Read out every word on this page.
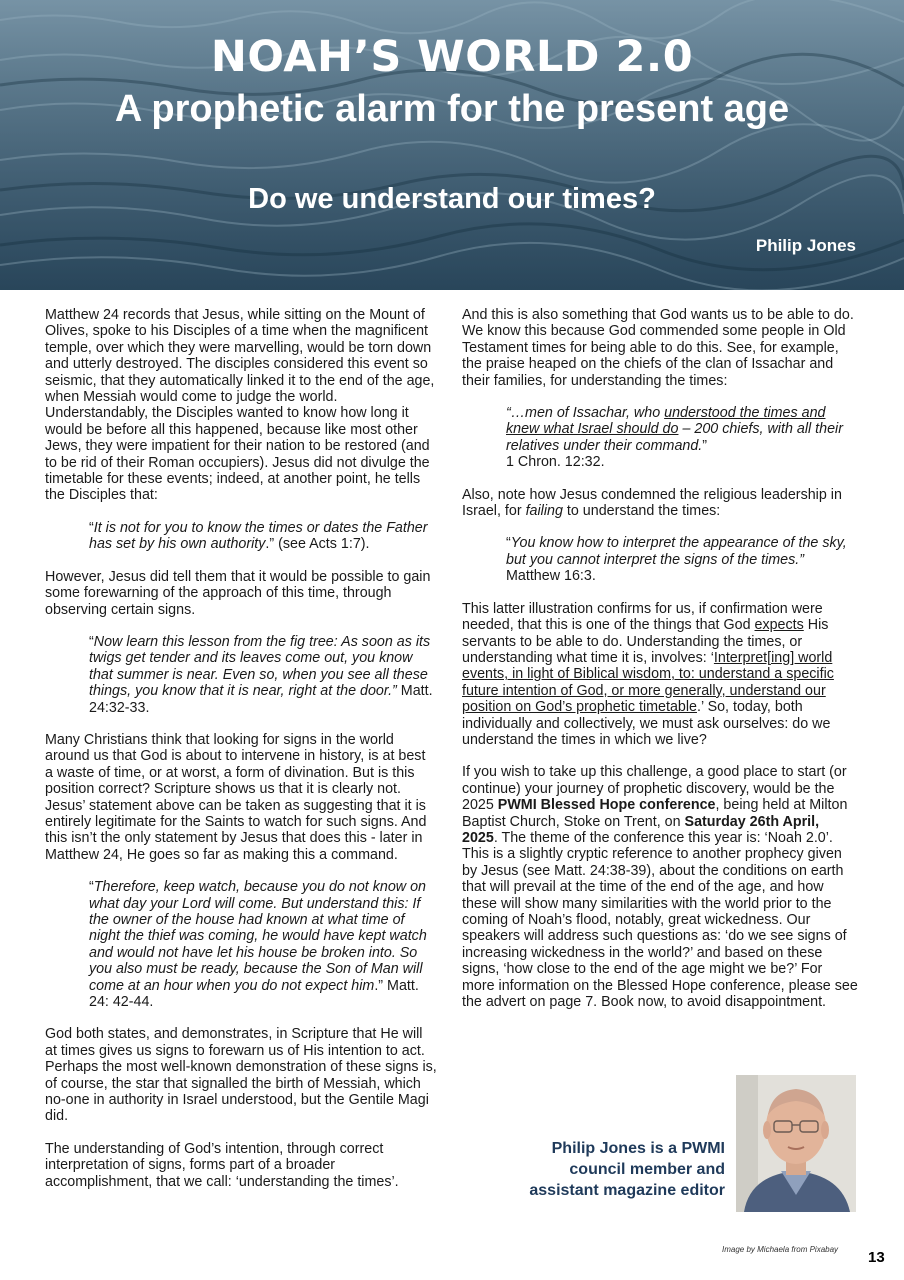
NOAH’S WORLD 2.0
A prophetic alarm for the present age
Do we understand our times?
Philip Jones

Matthew 24 records that Jesus, while sitting on the Mount of Olives, spoke to his Disciples of a time when the magnificent temple, over which they were marvelling, would be torn down and utterly destroyed. The disciples considered this event so seismic, that they automatically linked it to the end of the age, when Messiah would come to judge the world. Understandably, the Disciples wanted to know how long it would be before all this happened, because like most other Jews, they were impatient for their nation to be restored (and to be rid of their Roman occupiers). Jesus did not divulge the timetable for these events; indeed, at another point, he tells the Disciples that:

“It is not for you to know the times or dates the Father has set by his own authority.” (see Acts 1:7).

However, Jesus did tell them that it would be possible to gain some forewarning of the approach of this time, through observing certain signs.

“Now learn this lesson from the fig tree: As soon as its twigs get tender and its leaves come out, you know that summer is near. Even so, when you see all these things, you know that it is near, right at the door.” Matt. 24:32-33.

Many Christians think that looking for signs in the world around us that God is about to intervene in history, is at best a waste of time, or at worst, a form of divination. But is this position correct? Scripture shows us that it is clearly not. Jesus’ statement above can be taken as suggesting that it is entirely legitimate for the Saints to watch for such signs. And this isn’t the only statement by Jesus that does this - later in Matthew 24, He goes so far as making this a command.

“Therefore, keep watch, because you do not know on what day your Lord will come. But understand this: If the owner of the house had known at what time of night the thief was coming, he would have kept watch and would not have let his house be broken into. So you also must be ready, because the Son of Man will come at an hour when you do not expect him.” Matt. 24: 42-44.

God both states, and demonstrates, in Scripture that He will at times gives us signs to forewarn us of His intention to act. Perhaps the most well-known demonstration of these signs is, of course, the star that signalled the birth of Messiah, which no-one in authority in Israel understood, but the Gentile Magi did.

The understanding of God’s intention, through correct interpretation of signs, forms part of a broader accomplishment, that we call: ‘understanding the times’.

And this is also something that God wants us to be able to do. We know this because God commended some people in Old Testament times for being able to do this. See, for example, the praise heaped on the chiefs of the clan of Issachar and their families, for understanding the times:

“…men of Issachar, who understood the times and knew what Israel should do – 200 chiefs, with all their relatives under their command.”
1 Chron. 12:32.

Also, note how Jesus condemned the religious leadership in Israel, for failing to understand the times:

“You know how to interpret the appearance of the sky, but you cannot interpret the signs of the times.”
Matthew 16:3.

This latter illustration confirms for us, if confirmation were needed, that this is one of the things that God expects His servants to be able to do. Understanding the times, or understanding what time it is, involves: ‘Interpret[ing] world events, in light of Biblical wisdom, to: understand a specific future intention of God, or more generally, understand our position on God’s prophetic timetable.’ So, today, both individually and collectively, we must ask ourselves: do we understand the times in which we live?

If you wish to take up this challenge, a good place to start (or continue) your journey of prophetic discovery, would be the 2025 PWMI Blessed Hope conference, being held at Milton Baptist Church, Stoke on Trent, on Saturday 26th April, 2025. The theme of the conference this year is: ‘Noah 2.0’. This is a slightly cryptic reference to another prophecy given by Jesus (see Matt. 24:38-39), about the conditions on earth that will prevail at the time of the end of the age, and how these will show many similarities with the world prior to the coming of Noah’s flood, notably, great wickedness. Our speakers will address such questions as: ‘do we see signs of increasing wickedness in the world?’ and based on these signs, ‘how close to the end of the age might we be?’ For more information on the Blessed Hope conference, please see the advert on page 7. Book now, to avoid disappointment.

Philip Jones is a PWMI council member and assistant magazine editor
Image by Michaela from Pixabay 13
